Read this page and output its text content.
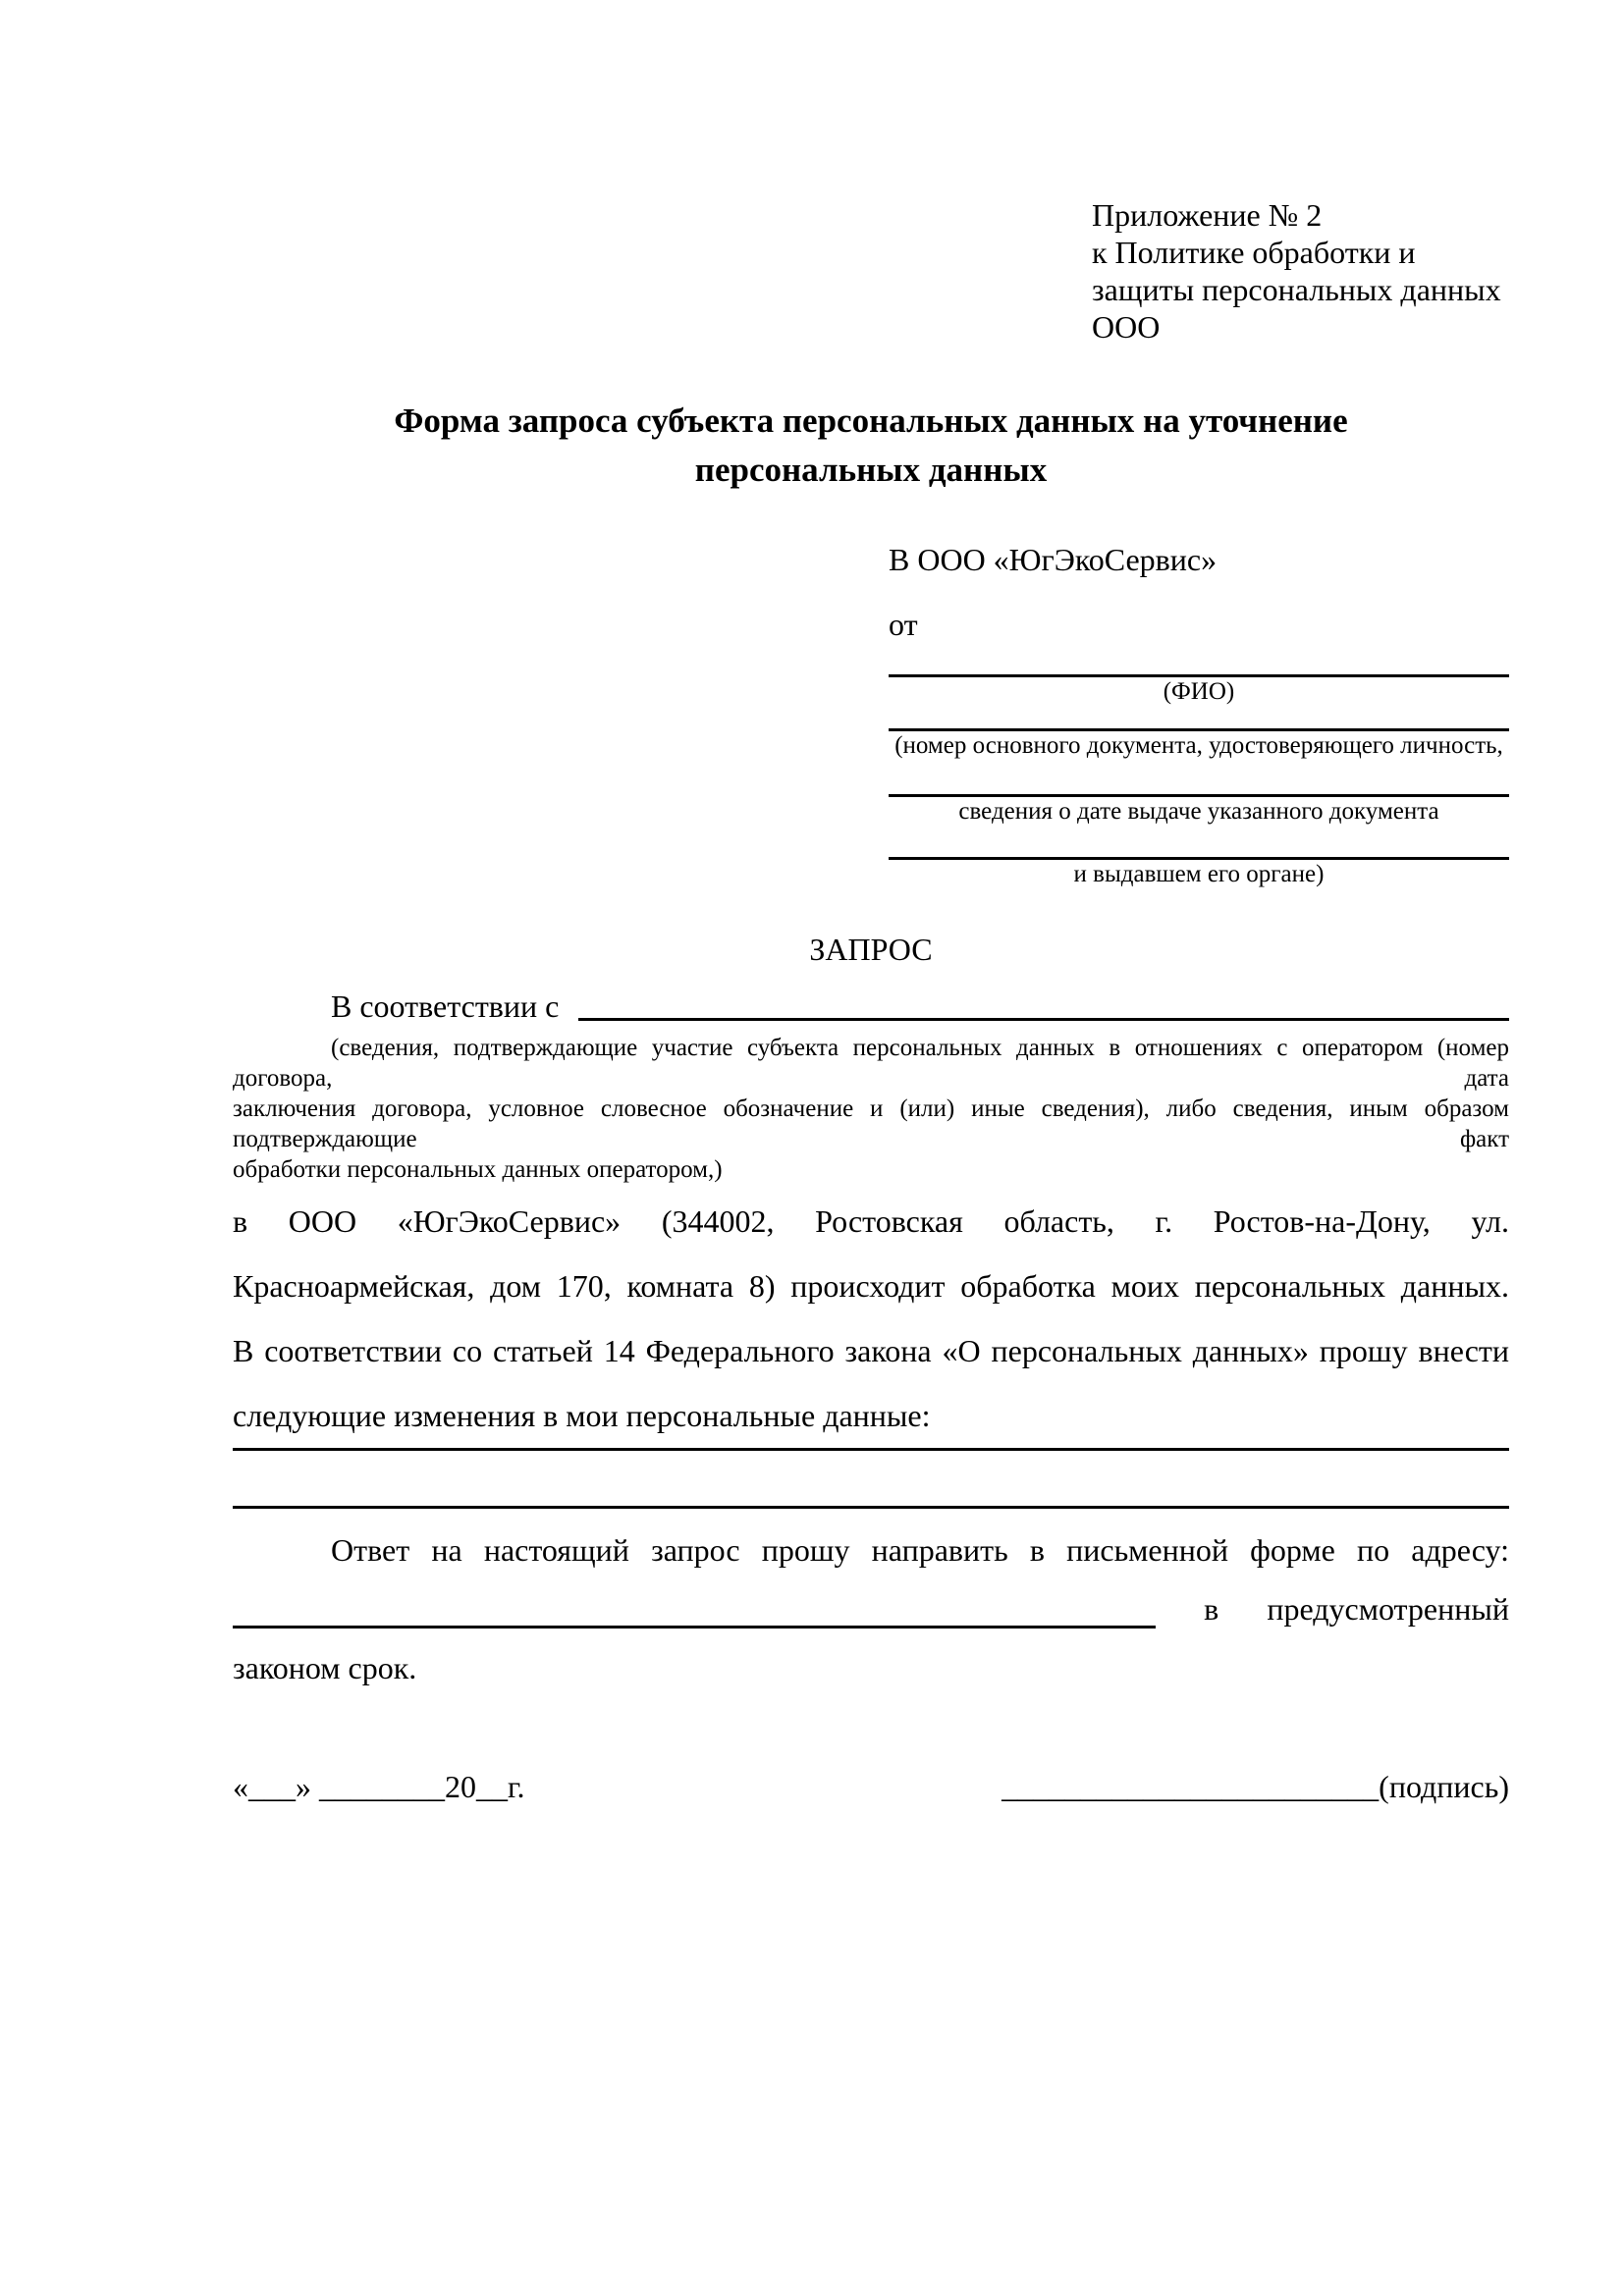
Приложение № 2
к Политике обработки и
защиты персональных данных
ООО
Форма запроса субъекта персональных данных на уточнение
персональных данных
В ООО «ЮгЭкоСервис»
от
(ФИО)
(номер основного документа, удостоверяющего личность,
сведения о дате выдаче указанного документа
и выдавшем его органе)
ЗАПРОС
В соответствии с
(сведения, подтверждающие участие субъекта персональных данных в отношениях с оператором (номер договора, дата
заключения договора, условное словесное обозначение и (или) иные сведения), либо сведения, иным образом подтверждающие факт
обработки персональных данных оператором,)
в ООО «ЮгЭкоСервис» (344002, Ростовская область, г. Ростов-на-Дону, ул.
Красноармейская, дом 170, комната 8) происходит обработка моих персональных данных.
В соответствии со статьей 14 Федерального закона «О персональных данных» прошу внести
следующие изменения в мои персональные данные:
Ответ на настоящий запрос прошу направить в письменной форме по адресу:
в предусмотренный
законом срок.
«___» ________20__г.	________________________(подпись)
